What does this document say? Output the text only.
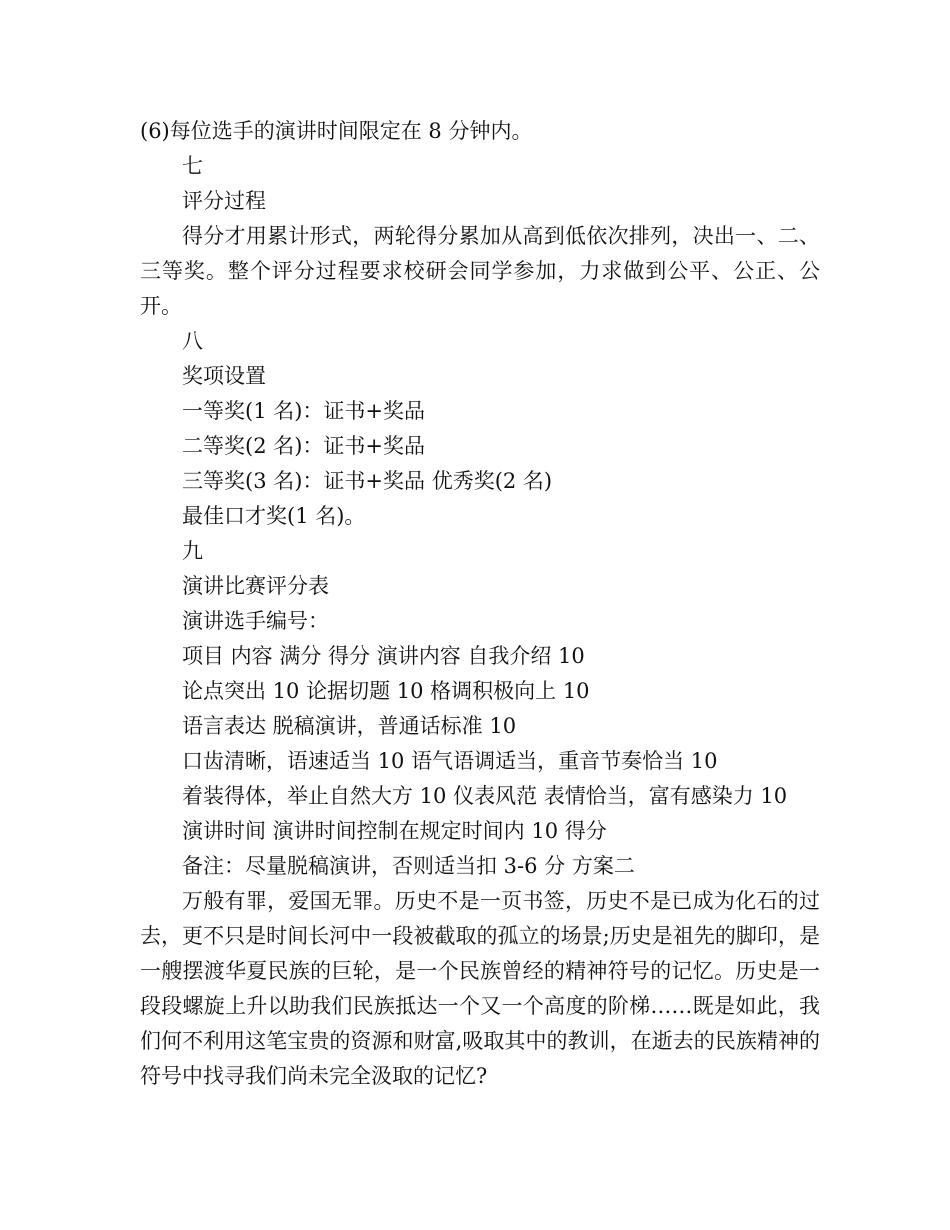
(6)每位选手的演讲时间限定在 8 分钟内。
七
评分过程
得分才用累计形式，两轮得分累加从高到低依次排列，决出一、二、三等奖。整个评分过程要求校研会同学参加，力求做到公平、公正、公开。
八
奖项设置
一等奖(1 名)：证书+奖品
二等奖(2 名)：证书+奖品
三等奖(3 名)：证书+奖品 优秀奖(2 名)
最佳口才奖(1 名)。
九
演讲比赛评分表
演讲选手编号：
项目 内容 满分 得分 演讲内容 自我介绍 10
论点突出 10 论据切题 10 格调积极向上 10
语言表达 脱稿演讲，普通话标准 10
口齿清晰，语速适当 10 语气语调适当，重音节奏恰当 10
着装得体，举止自然大方 10 仪表风范 表情恰当，富有感染力 10
演讲时间 演讲时间控制在规定时间内 10 得分
备注：尽量脱稿演讲，否则适当扣 3-6 分 方案二
万般有罪，爱国无罪。历史不是一页书签，历史不是已成为化石的过去，更不只是时间长河中一段被截取的孤立的场景;历史是祖先的脚印，是一艘摆渡华夏民族的巨轮，是一个民族曾经的精神符号的记忆。历史是一段段螺旋上升以助我们民族抵达一个又一个高度的阶梯……既是如此，我们何不利用这笔宝贵的资源和财富,吸取其中的教训，在逝去的民族精神的符号中找寻我们尚未完全汲取的记忆?
